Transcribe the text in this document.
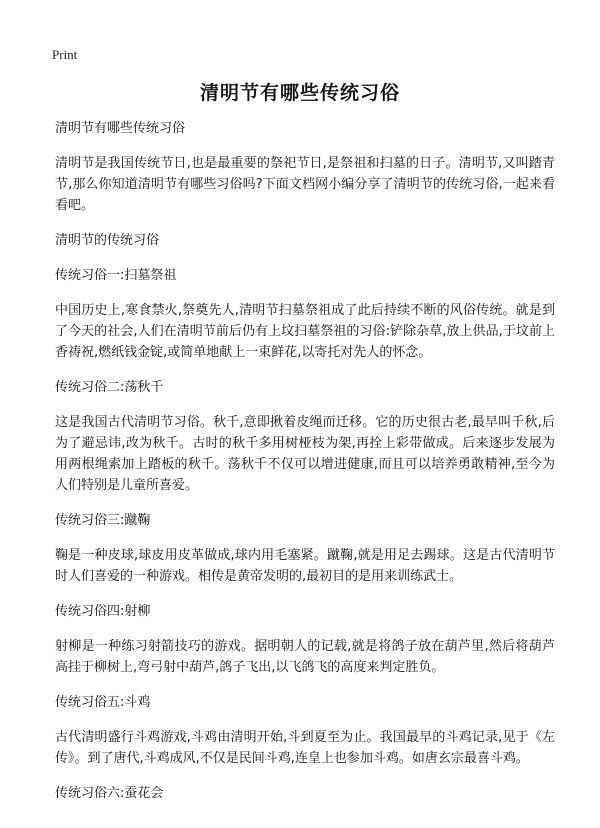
Print
清明节有哪些传统习俗

清明节有哪些传统习俗

清明节是我国传统节日,也是最重要的祭祀节日,是祭祖和扫墓的日子。清明节,又叫踏青节,那么你知道清明节有哪些习俗吗?下面文档网小编分享了清明节的传统习俗,一起来看看吧。

清明节的传统习俗

传统习俗一:扫墓祭祖

中国历史上,寒食禁火,祭奠先人,清明节扫墓祭祖成了此后持续不断的风俗传统。就是到了今天的社会,人们在清明节前后仍有上坟扫墓祭祖的习俗:铲除杂草,放上供品,于坟前上香祷祝,燃纸钱金锭,或简单地献上一束鲜花,以寄托对先人的怀念。

传统习俗二:荡秋千

这是我国古代清明节习俗。秋千,意即揪着皮绳而迁移。它的历史很古老,最早叫千秋,后为了避忌讳,改为秋千。古时的秋千多用树桠枝为架,再拴上彩带做成。后来逐步发展为用两根绳索加上踏板的秋千。荡秋千不仅可以增进健康,而且可以培养勇敢精神,至今为人们特别是儿童所喜爱。

传统习俗三:蹴鞠

鞠是一种皮球,球皮用皮革做成,球内用毛塞紧。蹴鞠,就是用足去踢球。这是古代清明节时人们喜爱的一种游戏。相传是黄帝发明的,最初目的是用来训练武士。

传统习俗四:射柳

射柳是一种练习射箭技巧的游戏。据明朝人的记载,就是将鸽子放在葫芦里,然后将葫芦高挂于柳树上,弯弓射中葫芦,鸽子飞出,以飞鸽飞的高度来判定胜负。

传统习俗五:斗鸡

古代清明盛行斗鸡游戏,斗鸡由清明开始,斗到夏至为止。我国最早的斗鸡记录,见于《左传》。到了唐代,斗鸡成风,不仅是民间斗鸡,连皇上也参加斗鸡。如唐玄宗最喜斗鸡。

传统习俗六:蚕花会
